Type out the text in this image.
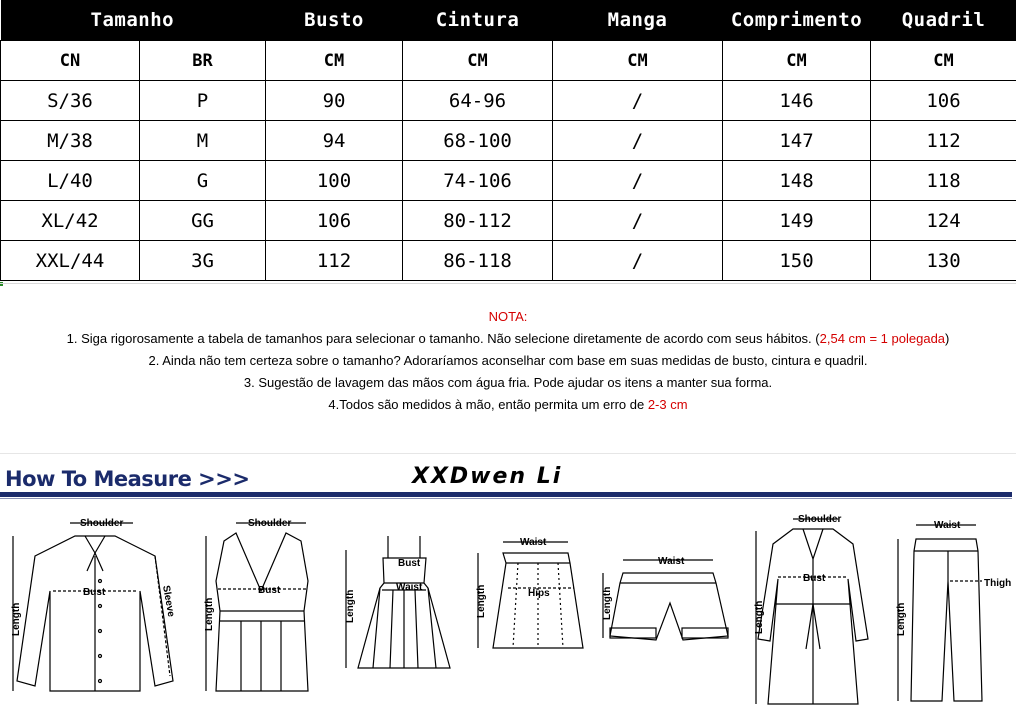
Tamanho		Busto	Cintura	Manga	Comprimento	Quadril
CN	BR	CM	CM	CM	CM	CM
S/36	P	90	64-96	/	146	106
M/38	M	94	68-100	/	147	112
L/40	G	100	74-106	/	148	118
XL/42	GG	106	80-112	/	149	124
XXL/44	3G	112	86-118	/	150	130
NOTA:
1. Siga rigorosamente a tabela de tamanhos para selecionar o tamanho. Não selecione diretamente de acordo com seus hábitos. (2,54 cm = 1 polegada)
2. Ainda não tem certeza sobre o tamanho? Adoraríamos aconselhar com base em suas medidas de busto, cintura e quadril.
3. Sugestão de lavagem das mãos com água fria. Pode ajudar os itens a manter sua forma.
4.Todos são medidos à mão, então permita um erro de 2-3 cm
How To Measure >>>	XXDwen Li
Shoulder
Bust
Length
Sleeve
Shoulder
Bust
Length
Bust
Waist
Length
Waist
Hips
Length
Waist
Length
Shoulder
Bust
Length
Waist
Thigh
Length
